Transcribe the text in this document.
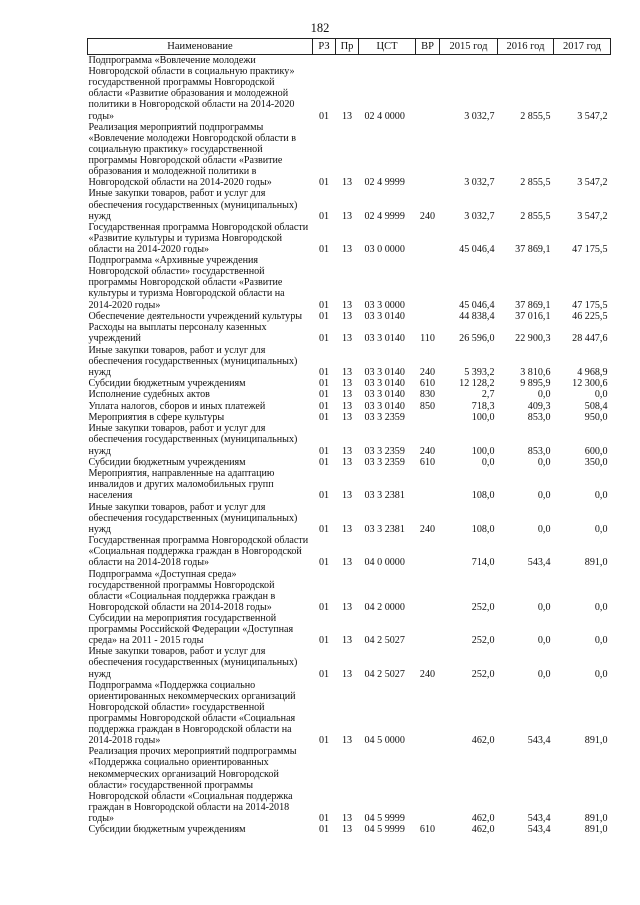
182
Наименование	РЗ	Пр	ЦСТ	ВР	2015 год	2016 год	2017 год
Подпрограмма «Вовлечение молодежи Новгородской области в социальную практику» государственной программы Новгородской области «Развитие образования и молодежной политики в Новгородской области на 2014-2020 годы»	01	13	02 4 0000		3 032,7	2 855,5	3 547,2
Реализация мероприятий подпрограммы «Вовлечение молодежи Новгородской области в социальную практику» государственной программы Новгородской области «Развитие образования и молодежной политики в Новгородской области на 2014-2020 годы»	01	13	02 4 9999		3 032,7	2 855,5	3 547,2
Иные закупки товаров, работ и услуг для обеспечения государственных (муниципальных) нужд	01	13	02 4 9999	240	3 032,7	2 855,5	3 547,2
Государственная программа Новгородской области «Развитие культуры и туризма Новгородской области на 2014-2020 годы»	01	13	03 0 0000		45 046,4	37 869,1	47 175,5
Подпрограмма «Архивные учреждения Новгородской области» государственной программы Новгородской области «Развитие культуры и туризма Новгородской области на 2014-2020 годы»	01	13	03 3 0000		45 046,4	37 869,1	47 175,5
Обеспечение деятельности учреждений культуры	01	13	03 3 0140		44 838,4	37 016,1	46 225,5
Расходы на выплаты персоналу казенных учреждений	01	13	03 3 0140	110	26 596,0	22 900,3	28 447,6
Иные закупки товаров, работ и услуг для обеспечения государственных (муниципальных) нужд	01	13	03 3 0140	240	5 393,2	3 810,6	4 968,9
Субсидии бюджетным учреждениям	01	13	03 3 0140	610	12 128,2	9 895,9	12 300,6
Исполнение судебных актов	01	13	03 3 0140	830	2,7	0,0	0,0
Уплата налогов, сборов и иных платежей	01	13	03 3 0140	850	718,3	409,3	508,4
Мероприятия в сфере культуры	01	13	03 3 2359		100,0	853,0	950,0
Иные закупки товаров, работ и услуг для обеспечения государственных (муниципальных) нужд	01	13	03 3 2359	240	100,0	853,0	600,0
Субсидии бюджетным учреждениям	01	13	03 3 2359	610	0,0	0,0	350,0
Мероприятия, направленные на адаптацию инвалидов и других маломобильных групп населения	01	13	03 3 2381		108,0	0,0	0,0
Иные закупки товаров, работ и услуг для обеспечения государственных (муниципальных) нужд	01	13	03 3 2381	240	108,0	0,0	0,0
Государственная программа Новгородской области «Социальная поддержка граждан в Новгородской области на 2014-2018 годы»	01	13	04 0 0000		714,0	543,4	891,0
Подпрограмма «Доступная среда» государственной программы Новгородской области «Социальная поддержка граждан в Новгородской области на 2014-2018 годы»	01	13	04 2 0000		252,0	0,0	0,0
Субсидии на мероприятия государственной программы Российской Федерации «Доступная среда» на 2011 - 2015 годы	01	13	04 2 5027		252,0	0,0	0,0
Иные закупки товаров, работ и услуг для обеспечения государственных (муниципальных) нужд	01	13	04 2 5027	240	252,0	0,0	0,0
Подпрограмма «Поддержка социально ориентированных некоммерческих организаций Новгородской области» государственной программы Новгородской области «Социальная поддержка граждан в Новгородской области на 2014-2018 годы»	01	13	04 5 0000		462,0	543,4	891,0
Реализация прочих мероприятий подпрограммы «Поддержка социально ориентированных некоммерческих организаций Новгородской области» государственной программы Новгородской области «Социальная поддержка граждан в Новгородской области на 2014-2018 годы»	01	13	04 5 9999		462,0	543,4	891,0
Субсидии бюджетным учреждениям	01	13	04 5 9999	610	462,0	543,4	891,0
